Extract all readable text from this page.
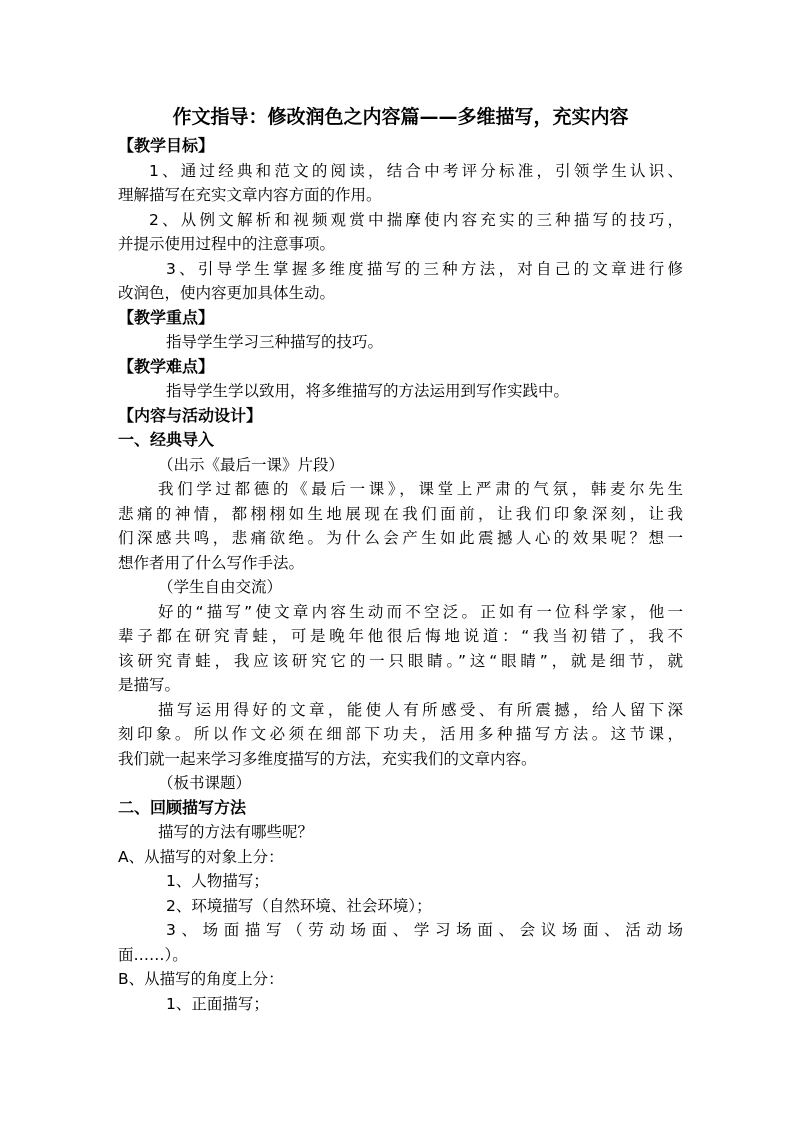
作文指导：修改润色之内容篇——多维描写，充实内容
【教学目标】
1、通过经典和范文的阅读，结合中考评分标准，引领学生认识、
理解描写在充实文章内容方面的作用。
2、从例文解析和视频观赏中揣摩使内容充实的三种描写的技巧，
并提示使用过程中的注意事项。
3、引导学生掌握多维度描写的三种方法，对自己的文章进行修
改润色，使内容更加具体生动。
【教学重点】
指导学生学习三种描写的技巧。
【教学难点】
指导学生学以致用，将多维描写的方法运用到写作实践中。
【内容与活动设计】
一、经典导入
（出示《最后一课》片段）
我们学过都德的《最后一课》，课堂上严肃的气氛，韩麦尔先生
悲痛的神情，都栩栩如生地展现在我们面前，让我们印象深刻，让我
们深感共鸣，悲痛欲绝。为什么会产生如此震撼人心的效果呢？想一
想作者用了什么写作手法。
（学生自由交流）
好的“描写”使文章内容生动而不空泛。正如有一位科学家，他一
辈子都在研究青蛙，可是晚年他很后悔地说道：“我当初错了，我不
该研究青蛙，我应该研究它的一只眼睛。”这“眼睛”，就是细节，就
是描写。
描写运用得好的文章，能使人有所感受、有所震撼，给人留下深
刻印象。所以作文必须在细部下功夫，活用多种描写方法。这节课，
我们就一起来学习多维度描写的方法，充实我们的文章内容。
（板书课题）
二、回顾描写方法
描写的方法有哪些呢？
A、从描写的对象上分：
1、人物描写；
2、环境描写（自然环境、社会环境）；
3、场面描写（劳动场面、学习场面、会议场面、活动场
面……）。
B、从描写的角度上分：
1、正面描写；
